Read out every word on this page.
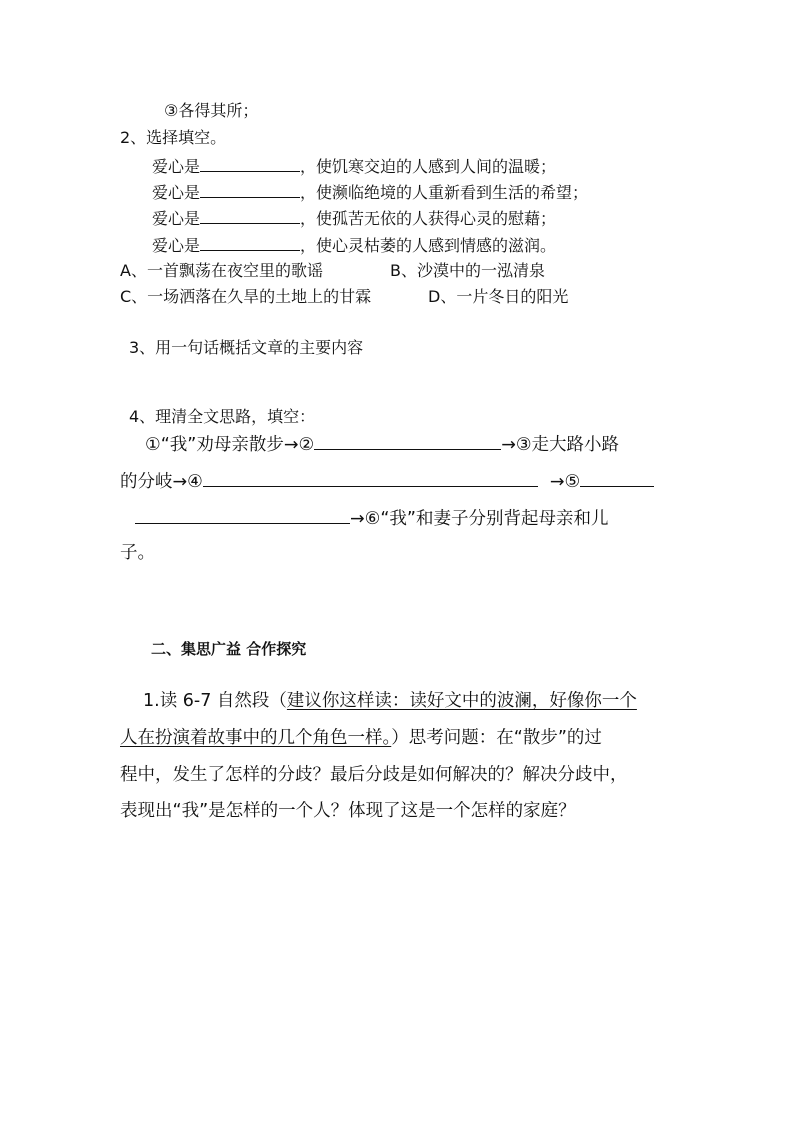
③各得其所；
2、选择填空。
爱心是	，使饥寒交迫的人感到人间的温暖；
爱心是	，使濒临绝境的人重新看到生活的希望；
爱心是	，使孤苦无依的人获得心灵的慰藉；
爱心是	，使心灵枯萎的人感到情感的滋润。
A、一首飘荡在夜空里的歌谣	B、沙漠中的一泓清泉
C、一场洒落在久旱的土地上的甘霖	D、一片冬日的阳光
3、用一句话概括文章的主要内容
4、理清全文思路，填空：
①“我”劝母亲散步→②	→③走大路小路
的分岐→④	→⑤
→⑥“我”和妻子分别背起母亲和儿
子。
二、集思广益 合作探究
1.读 6-7 自然段（建议你这样读：读好文中的波澜，好像你一个
人在扮演着故事中的几个角色一样。）思考问题：在“散步”的过
程中，发生了怎样的分歧？最后分歧是如何解决的？解决分歧中，
表现出“我”是怎样的一个人？体现了这是一个怎样的家庭？
